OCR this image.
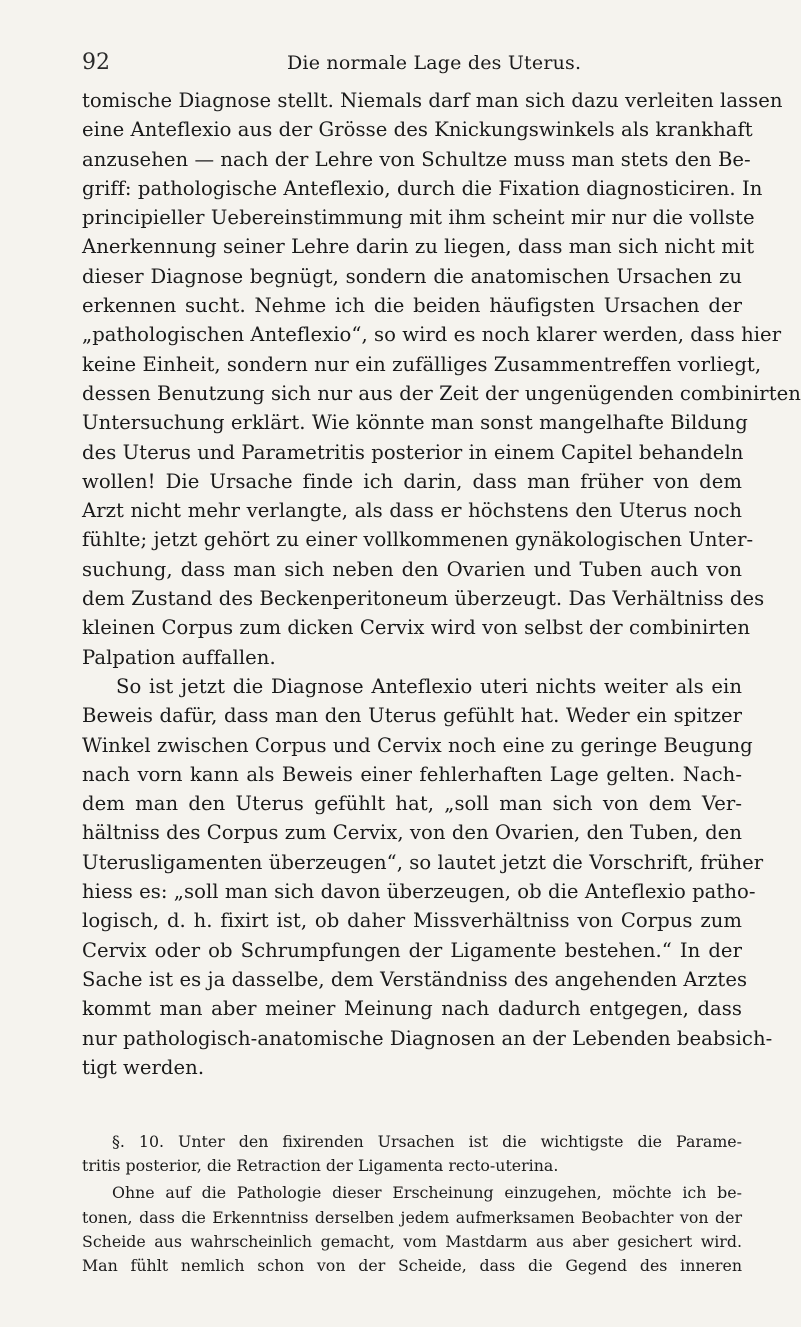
92	Die normale Lage des Uterus.
tomische Diagnose stellt. Niemals darf man sich dazu verleiten lassen
eine Anteflexio aus der Grösse des Knickungswinkels als krankhaft
anzusehen — nach der Lehre von Schultze muss man stets den Be-
griff: pathologische Anteflexio, durch die Fixation diagnosticiren. In
principieller Uebereinstimmung mit ihm scheint mir nur die vollste
Anerkennung seiner Lehre darin zu liegen, dass man sich nicht mit
dieser Diagnose begnügt, sondern die anatomischen Ursachen zu
erkennen sucht. Nehme ich die beiden häufigsten Ursachen der
„pathologischen Anteflexio“, so wird es noch klarer werden, dass hier
keine Einheit, sondern nur ein zufälliges Zusammentreffen vorliegt,
dessen Benutzung sich nur aus der Zeit der ungenügenden combinirten
Untersuchung erklärt. Wie könnte man sonst mangelhafte Bildung
des Uterus und Parametritis posterior in einem Capitel behandeln
wollen! Die Ursache finde ich darin, dass man früher von dem
Arzt nicht mehr verlangte, als dass er höchstens den Uterus noch
fühlte; jetzt gehört zu einer vollkommenen gynäkologischen Unter-
suchung, dass man sich neben den Ovarien und Tuben auch von
dem Zustand des Beckenperitoneum überzeugt. Das Verhältniss des
kleinen Corpus zum dicken Cervix wird von selbst der combinirten
Palpation auffallen.
So ist jetzt die Diagnose Anteflexio uteri nichts weiter als ein
Beweis dafür, dass man den Uterus gefühlt hat. Weder ein spitzer
Winkel zwischen Corpus und Cervix noch eine zu geringe Beugung
nach vorn kann als Beweis einer fehlerhaften Lage gelten. Nach-
dem man den Uterus gefühlt hat, „soll man sich von dem Ver-
hältniss des Corpus zum Cervix, von den Ovarien, den Tuben, den
Uterusligamenten überzeugen“, so lautet jetzt die Vorschrift, früher
hiess es: „soll man sich davon überzeugen, ob die Anteflexio patho-
logisch, d. h. fixirt ist, ob daher Missverhältniss von Corpus zum
Cervix oder ob Schrumpfungen der Ligamente bestehen.“ In der
Sache ist es ja dasselbe, dem Verständniss des angehenden Arztes
kommt man aber meiner Meinung nach dadurch entgegen, dass
nur pathologisch-anatomische Diagnosen an der Lebenden beabsich-
tigt werden.
§. 10. Unter den fixirenden Ursachen ist die wichtigste die Parame-
tritis posterior, die Retraction der Ligamenta recto-uterina.
Ohne auf die Pathologie dieser Erscheinung einzugehen, möchte ich be-
tonen, dass die Erkenntniss derselben jedem aufmerksamen Beobachter von der
Scheide aus wahrscheinlich gemacht, vom Mastdarm aus aber gesichert wird.
Man fühlt nemlich schon von der Scheide, dass die Gegend des inneren
